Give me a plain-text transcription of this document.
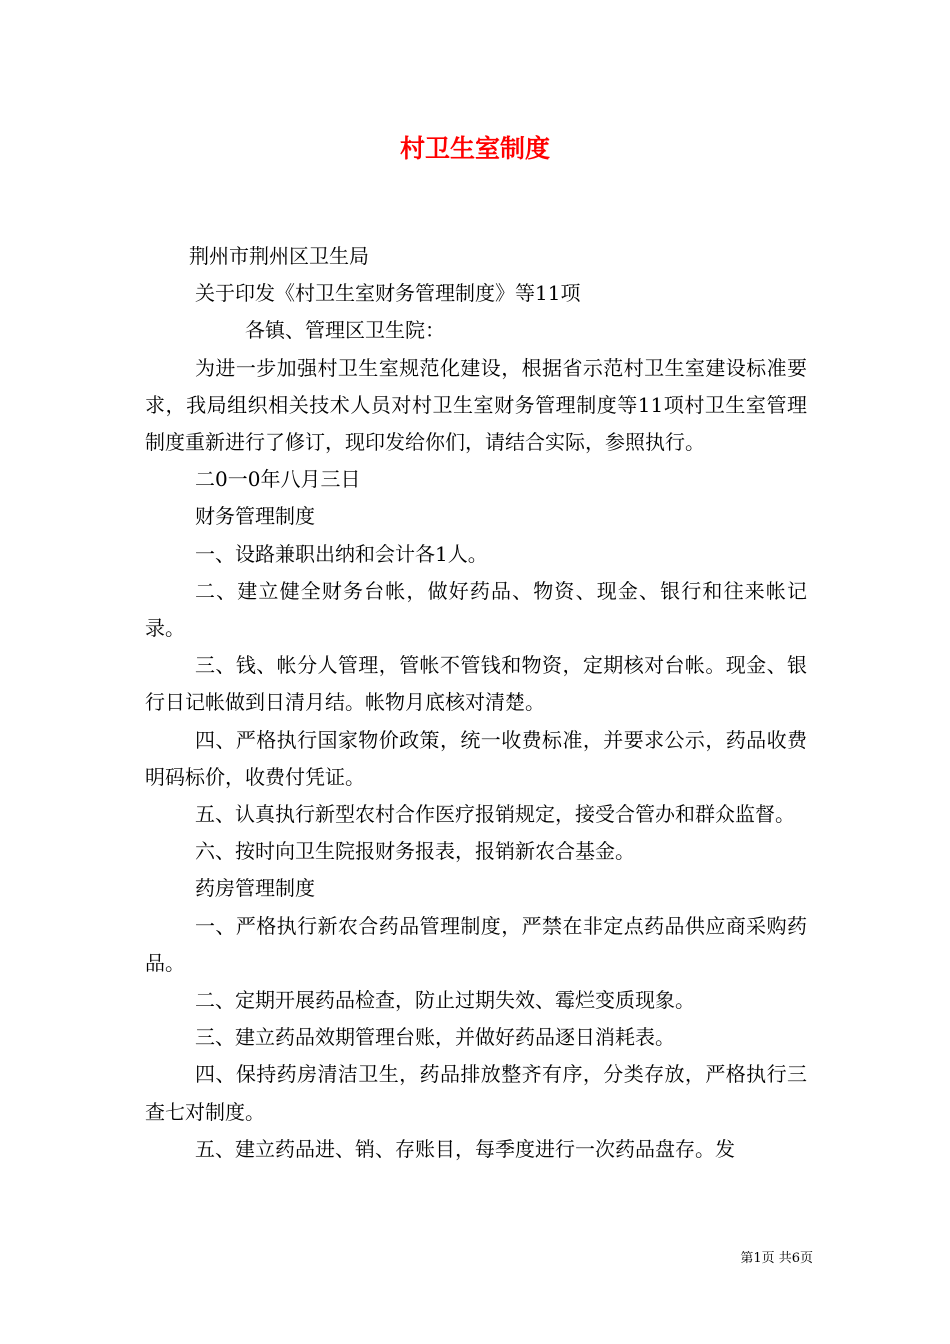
村卫生室制度

荆州市荆州区卫生局

关于印发《村卫生室财务管理制度》等11项

各镇、管理区卫生院：

为进一步加强村卫生室规范化建设，根据省示范村卫生室建设标准要求，我局组织相关技术人员对村卫生室财务管理制度等11项村卫生室管理制度重新进行了修订，现印发给你们，请结合实际，参照执行。

二0一0年八月三日

财务管理制度

一、设路兼职出纳和会计各1人。

二、建立健全财务台帐，做好药品、物资、现金、银行和往来帐记录。

三、钱、帐分人管理，管帐不管钱和物资，定期核对台帐。现金、银行日记帐做到日清月结。帐物月底核对清楚。

四、严格执行国家物价政策，统一收费标准，并要求公示，药品收费明码标价，收费付凭证。

五、认真执行新型农村合作医疗报销规定，接受合管办和群众监督。

六、按时向卫生院报财务报表，报销新农合基金。

药房管理制度

一、严格执行新农合药品管理制度，严禁在非定点药品供应商采购药品。

二、定期开展药品检查，防止过期失效、霉烂变质现象。

三、建立药品效期管理台账，并做好药品逐日消耗表。

四、保持药房清洁卫生，药品排放整齐有序，分类存放，严格执行三查七对制度。

五、建立药品进、销、存账目，每季度进行一次药品盘存。发

第1页 共6页
